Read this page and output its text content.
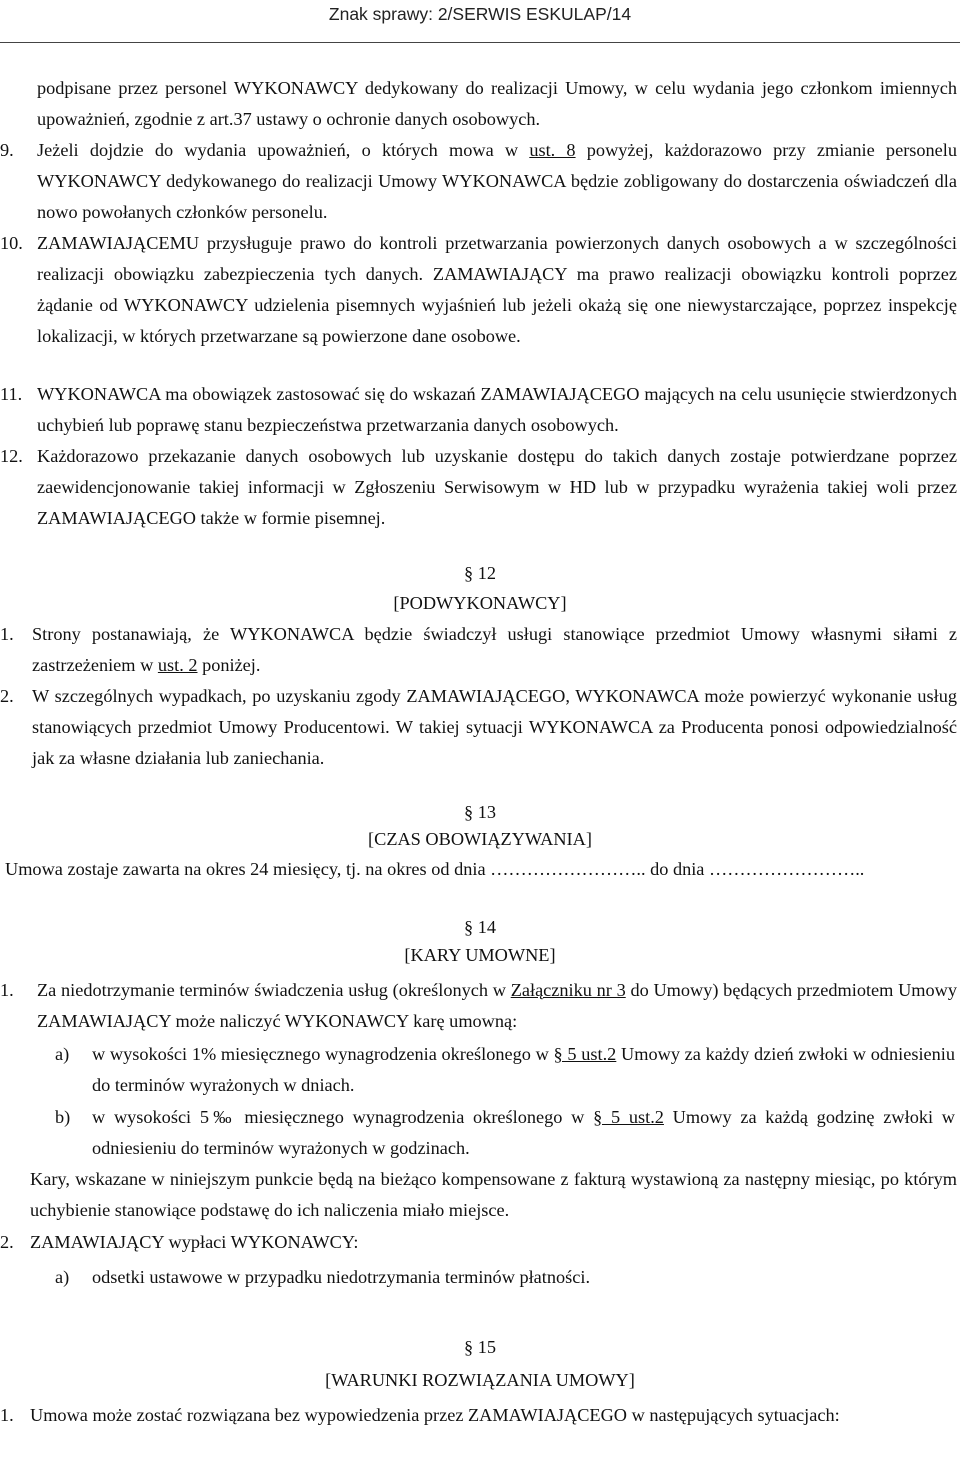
Znak sprawy: 2/SERWIS ESKULAP/14

podpisane przez personel WYKONAWCY dedykowany do realizacji Umowy, w celu wydania jego członkom imiennych upoważnień, zgodnie z art.37 ustawy o ochronie danych osobowych.

9. Jeżeli dojdzie do wydania upoważnień, o których mowa w ust. 8 powyżej, każdorazowo przy zmianie personelu WYKONAWCY dedykowanego do realizacji Umowy WYKONAWCA będzie zobligowany do dostarczenia oświadczeń dla nowo powołanych członków personelu.

10. ZAMAWIAJĄCEMU przysługuje prawo do kontroli przetwarzania powierzonych danych osobowych a w szczególności realizacji obowiązku zabezpieczenia tych danych. ZAMAWIAJĄCY ma prawo realizacji obowiązku kontroli poprzez żądanie od WYKONAWCY udzielenia pisemnych wyjaśnień lub jeżeli okażą się one niewystarczające, poprzez inspekcję lokalizacji, w których przetwarzane są powierzone dane osobowe.

11. WYKONAWCA ma obowiązek zastosować się do wskazań ZAMAWIAJĄCEGO mających na celu usunięcie stwierdzonych uchybień lub poprawę stanu bezpieczeństwa przetwarzania danych osobowych.

12. Każdorazowo przekazanie danych osobowych lub uzyskanie dostępu do takich danych zostaje potwierdzane poprzez zaewidencjonowanie takiej informacji w Zgłoszeniu Serwisowym w HD lub w przypadku wyrażenia takiej woli przez ZAMAWIAJĄCEGO także w formie pisemnej.

§ 12
[PODWYKONAWCY]
1. Strony postanawiają, że WYKONAWCA będzie świadczył usługi stanowiące przedmiot Umowy własnymi siłami z zastrzeżeniem w ust. 2 poniżej.

2. W szczególnych wypadkach, po uzyskaniu zgody ZAMAWIAJĄCEGO, WYKONAWCA może powierzyć wykonanie usług stanowiących przedmiot Umowy Producentowi. W takiej sytuacji WYKONAWCA za Producenta ponosi odpowiedzialność jak za własne działania lub zaniechania.

§ 13
[CZAS OBOWIĄZYWANIA]

Umowa zostaje zawarta na okres 24 miesięcy, tj. na okres od dnia …………………….. do dnia ……………………..

§ 14
[KARY UMOWNE]
1. Za niedotrzymanie terminów świadczenia usług (określonych w Załączniku nr 3 do Umowy) będących przedmiotem Umowy ZAMAWIAJĄCY może naliczyć WYKONAWCY karę umowną:

a) w wysokości 1% miesięcznego wynagrodzenia określonego w § 5 ust.2 Umowy za każdy dzień zwłoki w odniesieniu do terminów wyrażonych w dniach.

b) w wysokości 5‰ miesięcznego wynagrodzenia określonego w § 5 ust.2 Umowy za każdą godzinę zwłoki w odniesieniu do terminów wyrażonych w godzinach.

Kary, wskazane w niniejszym punkcie będą na bieżąco kompensowane z fakturą wystawioną za następny miesiąc, po którym uchybienie stanowiące podstawę do ich naliczenia miało miejsce.

2. ZAMAWIAJĄCY wypłaci WYKONAWCY:

a) odsetki ustawowe w przypadku niedotrzymania terminów płatności.

§ 15
[WARUNKI ROZWIĄZANIA UMOWY]
1. Umowa może zostać rozwiązana bez wypowiedzenia przez ZAMAWIAJĄCEGO w następujących sytuacjach:
